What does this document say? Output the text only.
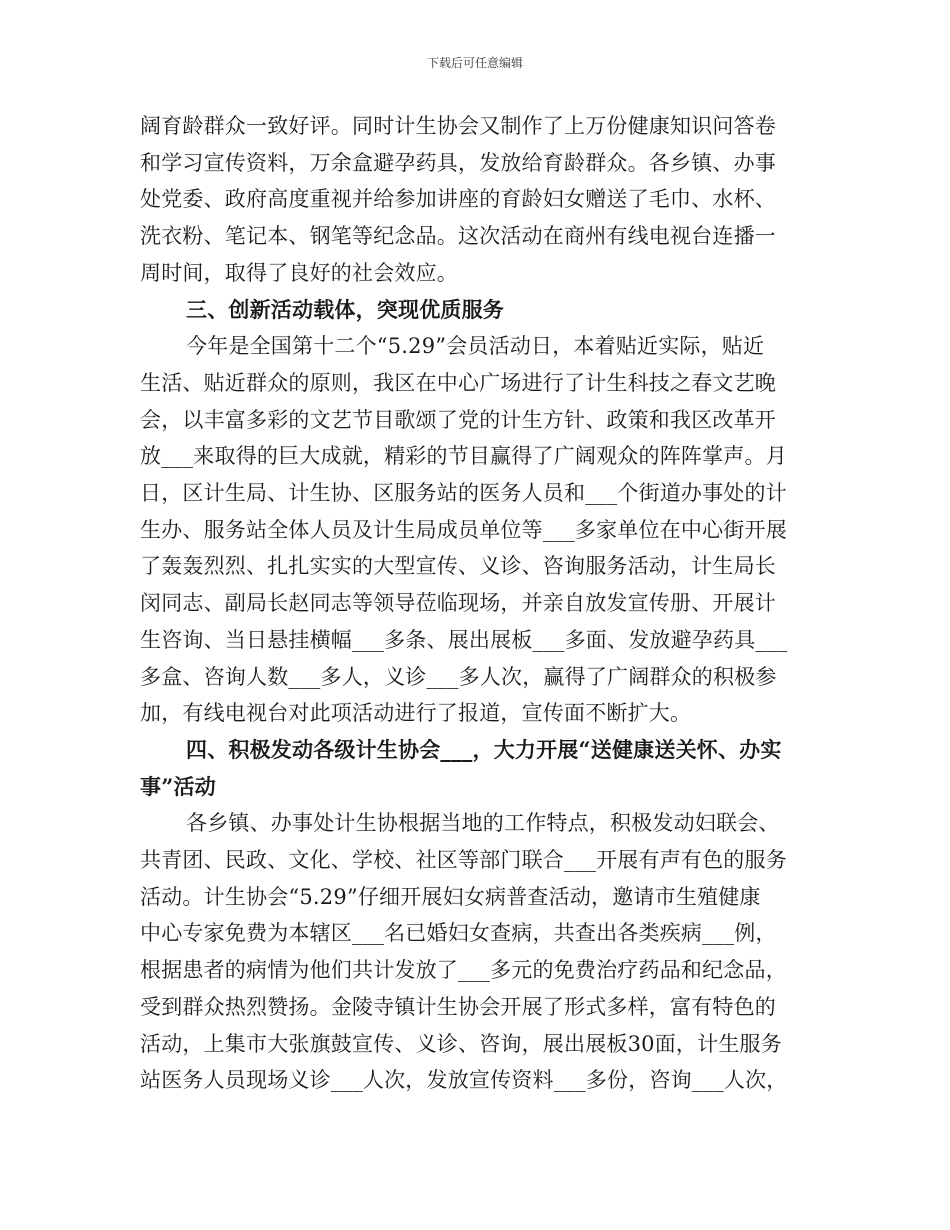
下载后可任意编辑
阔育龄群众一致好评。同时计生协会又制作了上万份健康知识问答卷
和学习宣传资料，万余盒避孕药具，发放给育龄群众。各乡镇、办事
处党委、政府高度重视并给参加讲座的育龄妇女赠送了毛巾、水杯、
洗衣粉、笔记本、钢笔等纪念品。这次活动在商州有线电视台连播一
周时间，取得了良好的社会效应。
三、创新活动载体，突现优质服务
今年是全国第十二个“5.29”会员活动日，本着贴近实际，贴近
生活、贴近群众的原则，我区在中心广场进行了计生科技之春文艺晚
会，以丰富多彩的文艺节目歌颂了党的计生方针、政策和我区改革开
放___来取得的巨大成就，精彩的节目赢得了广阔观众的阵阵掌声。月
日，区计生局、计生协、区服务站的医务人员和___个街道办事处的计
生办、服务站全体人员及计生局成员单位等___多家单位在中心街开展
了轰轰烈烈、扎扎实实的大型宣传、义诊、咨询服务活动，计生局长
闵同志、副局长赵同志等领导莅临现场，并亲自放发宣传册、开展计
生咨询、当日悬挂横幅___多条、展出展板___多面、发放避孕药具___
多盒、咨询人数___多人，义诊___多人次，赢得了广阔群众的积极参
加，有线电视台对此项活动进行了报道，宣传面不断扩大。
四、积极发动各级计生协会___，大力开展“送健康送关怀、办实
事”活动
各乡镇、办事处计生协根据当地的工作特点，积极发动妇联会、
共青团、民政、文化、学校、社区等部门联合___开展有声有色的服务
活动。计生协会“5.29”仔细开展妇女病普查活动，邀请市生殖健康
中心专家免费为本辖区___名已婚妇女查病，共查出各类疾病___例，
根据患者的病情为他们共计发放了___多元的免费治疗药品和纪念品，
受到群众热烈赞扬。金陵寺镇计生协会开展了形式多样，富有特色的
活动，上集市大张旗鼓宣传、义诊、咨询，展出展板30面，计生服务
站医务人员现场义诊___人次，发放宣传资料___多份，咨询___人次，
